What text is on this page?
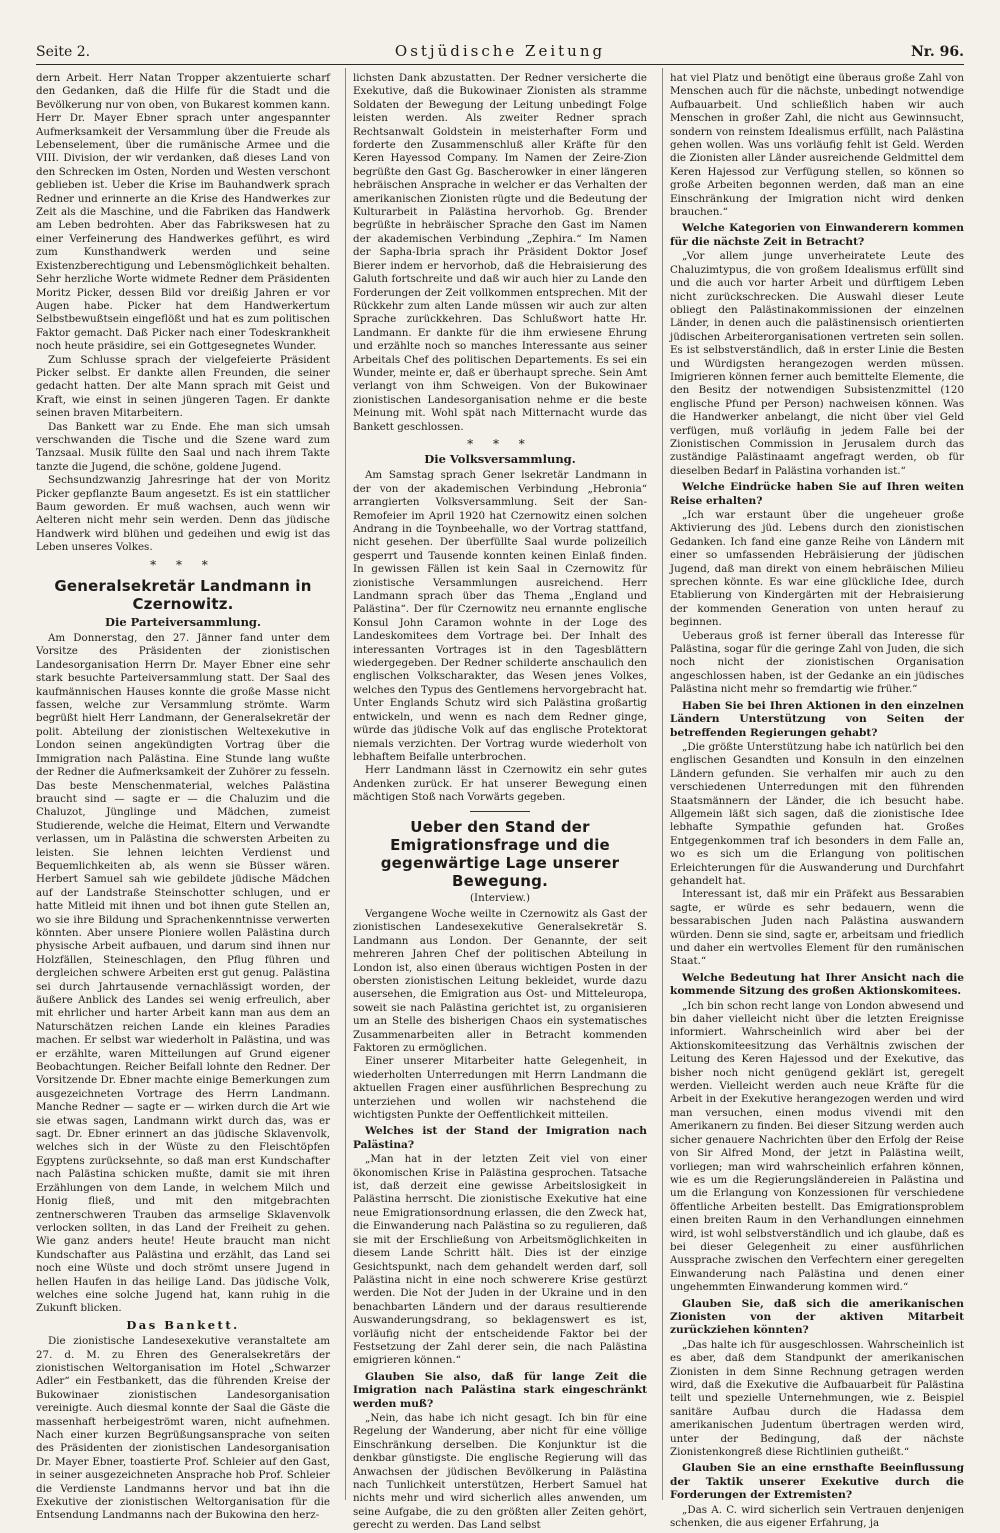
Seite 2.	Ostjüdische Zeitung	Nr. 96.

dern Arbeit. Herr Natan Tropper akzentuierte scharf den Gedanken, daß die Hilfe für die Stadt und die Bevölkerung nur von oben, von Bukarest kommen kann. Herr Dr. Mayer Ebner sprach unter angespannter Aufmerksamkeit der Versammlung über die Freude als Lebenselement, über die rumänische Armee und die VIII. Division, der wir verdanken, daß dieses Land von den Schrecken im Osten, Norden und Westen verschont geblieben ist. Ueber die Krise im Bauhandwerk sprach Redner und erinnerte an die Krise des Handwerkes zur Zeit als die Maschine, und die Fabriken das Handwerk am Leben bedrohten. Aber das Fabrikswesen hat zu einer Verfeinerung des Handwerkes geführt, es wird zum Kunsthandwerk werden und seine Existenzberechtigung und Lebensmöglichkeit behalten. Sehr herzliche Worte widmete Redner dem Präsidenten Moritz Picker, dessen Bild vor dreißig Jahren er vor Augen habe. Picker hat dem Handwerkertum Selbstbewußtsein eingeflößt und hat es zum politischen Faktor gemacht. Daß Picker nach einer Todeskrankheit noch heute präsidire, sei ein Gottgesegnetes Wunder.

Zum Schlusse sprach der vielgefeierte Präsident Picker selbst. Er dankte allen Freunden, die seiner gedacht hatten. Der alte Mann sprach mit Geist und Kraft, wie einst in seinen jüngeren Tagen. Er dankte seinen braven Mitarbeitern.

Das Bankett war zu Ende. Ehe man sich umsah verschwanden die Tische und die Szene ward zum Tanzsaal. Musik füllte den Saal und nach ihrem Takte tanzte die Jugend, die schöne, goldene Jugend.

Sechsundzwanzig Jahresringe hat der von Moritz Picker gepflanzte Baum angesetzt. Es ist ein stattlicher Baum geworden. Er muß wachsen, auch wenn wir Aelteren nicht mehr sein werden. Denn das jüdische Handwerk wird blühen und gedeihen und ewig ist das Leben unseres Volkes.

* * *
Generalsekretär Landmann in Czernowitz.
Die Parteiversammlung.

Am Donnerstag, den 27. Jänner fand unter dem Vorsitze des Präsidenten der zionistischen Landesorganisation Herrn Dr. Mayer Ebner eine sehr stark besuchte Parteiversammlung statt. Der Saal des kaufmännischen Hauses konnte die große Masse nicht fassen, welche zur Versammlung strömte. Warm begrüßt hielt Herr Landmann, der Generalsekretär der polit. Abteilung der zionistischen Weltexekutive in London seinen angekündigten Vortrag über die Immigration nach Palästina. Eine Stunde lang wußte der Redner die Aufmerksamkeit der Zuhörer zu fesseln. Das beste Menschenmaterial, welches Palästina braucht sind — sagte er — die Chaluzim und die Chaluzot, Jünglinge und Mädchen, zumeist Studierende, welche die Heimat, Eltern und Verwandte verlassen, um in Palästina die schwersten Arbeiten zu leisten. Sie lehnen leichten Verdienst und Bequemlichkeiten ab, als wenn sie Büsser wären. Herbert Samuel sah wie gebildete jüdische Mädchen auf der Landstraße Steinschotter schlugen, und er hatte Mitleid mit ihnen und bot ihnen gute Stellen an, wo sie ihre Bildung und Sprachenkenntnisse verwerten könnten. Aber unsere Pioniere wollen Palästina durch physische Arbeit aufbauen, und darum sind ihnen nur Holzfällen, Steineschlagen, den Pflug führen und dergleichen schwere Arbeiten erst gut genug. Palästina sei durch Jahrtausende vernachlässigt worden, der äußere Anblick des Landes sei wenig erfreulich, aber mit ehrlicher und harter Arbeit kann man aus dem an Naturschätzen reichen Lande ein kleines Paradies machen. Er selbst war wiederholt in Palästina, und was er erzählte, waren Mitteilungen auf Grund eigener Beobachtungen. Reicher Beifall lohnte den Redner. Der Vorsitzende Dr. Ebner machte einige Bemerkungen zum ausgezeichneten Vortrage des Herrn Landmann. Manche Redner — sagte er — wirken durch die Art wie sie etwas sagen, Landmann wirkt durch das, was er sagt. Dr. Ebner erinnert an das jüdische Sklavenvolk, welches sich in der Wüste zu den Fleischtöpfen Egyptens zurücksehnte, so daß man erst Kundschafter nach Palästina schicken mußte, damit sie mit ihren Erzählungen von dem Lande, in welchem Milch und Honig fließ, und mit den mitgebrachten zentnerschweren Trauben das armselige Sklavenvolk verlocken sollten, in das Land der Freiheit zu gehen. Wie ganz anders heute! Heute braucht man nicht Kundschafter aus Palästina und erzählt, das Land sei noch eine Wüste und doch strömt unsere Jugend in hellen Haufen in das heilige Land. Das jüdische Volk, welches eine solche Jugend hat, kann ruhig in die Zukunft blicken.

Das Bankett.

Die zionistische Landesexekutive veranstaltete am 27. d. M. zu Ehren des Generalsekretärs der zionistischen Weltorganisation im Hotel „Schwarzer Adler“ ein Festbankett, das die führenden Kreise der Bukowinaer zionistischen Landesorganisation vereinigte. Auch diesmal konnte der Saal die Gäste die massenhaft herbeigeströmt waren, nicht aufnehmen. Nach einer kurzen Begrüßungsansprache von seiten des Präsidenten der zionistischen Landesorganisation Dr. Mayer Ebner, toastierte Prof. Schleier auf den Gast, in seiner ausgezeichneten Ansprache hob Prof. Schleier die Verdienste Landmanns hervor und bat ihn die Exekutive der zionistischen Weltorganisation für die Entsendung Landmanns nach der Bukowina den herz-

lichsten Dank abzustatten. Der Redner versicherte die Exekutive, daß die Bukowinaer Zionisten als stramme Soldaten der Bewegung der Leitung unbedingt Folge leisten werden. Als zweiter Redner sprach Rechtsanwalt Goldstein in meisterhafter Form und forderte den Zusammenschluß aller Kräfte für den Keren Hayessod Company. Im Namen der Zeire-Zion begrüßte den Gast Gg. Bascherowker in einer längeren hebräischen Ansprache in welcher er das Verhalten der amerikanischen Zionisten rügte und die Bedeutung der Kulturarbeit in Palästina hervorhob. Gg. Brender begrüßte in hebräischer Sprache den Gast im Namen der akademischen Verbindung „Zephira.“ Im Namen der Sapha-Ibria sprach ihr Präsident Doktor Josef Bierer indem er hervorhob, daß die Hebraisierung des Galuth fortschreite und daß wir auch hier zu Lande den Forderungen der Zeit vollkommen entsprechen. Mit der Rückkehr zum alten Lande müssen wir auch zur alten Sprache zurückkehren. Das Schlußwort hatte Hr. Landmann. Er dankte für die ihm erwiesene Ehrung und erzählte noch so manches Interessante aus seiner Arbeitals Chef des politischen Departements. Es sei ein Wunder, meinte er, daß er überhaupt spreche. Sein Amt verlangt von ihm Schweigen. Von der Bukowinaer zionistischen Landesorganisation nehme er die beste Meinung mit. Wohl spät nach Mitternacht wurde das Bankett geschlossen.

* * *
Die Volksversammlung.

Am Samstag sprach Gener lsekretär Landmann in der von der akademischen Verbindung „Hebronia“ arrangierten Volksversammlung. Seit der San-Remofeier im April 1920 hat Czernowitz einen solchen Andrang in die Toynbeehalle, wo der Vortrag stattfand, nicht gesehen. Der überfüllte Saal wurde polizeilich gesperrt und Tausende konnten keinen Einlaß finden. In gewissen Fällen ist kein Saal in Czernowitz für zionistische Versammlungen ausreichend. Herr Landmann sprach über das Thema „England und Palästina“. Der für Czernowitz neu ernannte englische Konsul John Caramon wohnte in der Loge des Landeskomitees dem Vortrage bei. Der Inhalt des interessanten Vortrages ist in den Tagesblättern wiedergegeben. Der Redner schilderte anschaulich den englischen Volkscharakter, das Wesen jenes Volkes, welches den Typus des Gentlemens hervorgebracht hat. Unter Englands Schutz wird sich Palästina großartig entwickeln, und wenn es nach dem Redner ginge, würde das jüdische Volk auf das englische Protektorat niemals verzichten. Der Vortrag wurde wiederholt von lebhaftem Beifalle unterbrochen.

Herr Landmann lässt in Czernowitz ein sehr gutes Andenken zurück. Er hat unserer Bewegung einen mächtigen Stoß nach Vorwärts gegeben.

Ueber den Stand der Emigrationsfrage und die gegenwärtige Lage unserer Bewegung.
(Interview.)

Vergangene Woche weilte in Czernowitz als Gast der zionistischen Landesexekutive Generalsekretär S. Landmann aus London. Der Genannte, der seit mehreren Jahren Chef der politischen Abteilung in London ist, also einen überaus wichtigen Posten in der obersten zionistischen Leitung bekleidet, wurde dazu ausersehen, die Emigration aus Ost- und Mitteleuropa, soweit sie nach Palästina gerichtet ist, zu organisieren um an Stelle des bisherigen Chaos ein systematisches Zusammenarbeiten aller in Betracht kommenden Faktoren zu ermöglichen.

Einer unserer Mitarbeiter hatte Gelegenheit, in wiederholten Unterredungen mit Herrn Landmann die aktuellen Fragen einer ausführlichen Besprechung zu unterziehen und wollen wir nachstehend die wichtigsten Punkte der Oeffentlichkeit mitteilen.

Welches ist der Stand der Imigration nach Palästina?

„Man hat in der letzten Zeit viel von einer ökonomischen Krise in Palästina gesprochen. Tatsache ist, daß derzeit eine gewisse Arbeitslosigkeit in Palästina herrscht. Die zionistische Exekutive hat eine neue Emigrationsordnung erlassen, die den Zweck hat, die Einwanderung nach Palästina so zu regulieren, daß sie mit der Erschließung von Arbeitsmöglichkeiten in diesem Lande Schritt hält. Dies ist der einzige Gesichtspunkt, nach dem gehandelt werden darf, soll Palästina nicht in eine noch schwerere Krise gestürzt werden. Die Not der Juden in der Ukraine und in den benachbarten Ländern und der daraus resultierende Auswanderungsdrang, so beklagenswert es ist, vorläufig nicht der entscheidende Faktor bei der Festsetzung der Zahl derer sein, die nach Palästina emigrieren können.“

Glauben Sie also, daß für lange Zeit die Imigration nach Palästina stark eingeschränkt werden muß?

„Nein, das habe ich nicht gesagt. Ich bin für eine Regelung der Wanderung, aber nicht für eine völlige Einschränkung derselben. Die Konjunktur ist die denkbar günstigste. Die englische Regierung will das Anwachsen der jüdischen Bevölkerung in Palästina nach Tunlichkeit unterstützen, Herbert Samuel hat nichts mehr und wird sicherlich alles anwenden, um seine Aufgabe, die zu den größten aller Zeiten gehört, gerecht zu werden. Das Land selbst

hat viel Platz und benötigt eine überaus große Zahl von Menschen auch für die nächste, unbedingt notwendige Aufbauarbeit. Und schließlich haben wir auch Menschen in großer Zahl, die nicht aus Gewinnsucht, sondern von reinstem Idealismus erfüllt, nach Palästina gehen wollen. Was uns vorläufig fehlt ist Geld. Werden die Zionisten aller Länder ausreichende Geldmittel dem Keren Hajessod zur Verfügung stellen, so können so große Arbeiten begonnen werden, daß man an eine Einschränkung der Imigration nicht wird denken brauchen.“

Welche Kategorien von Einwanderern kommen für die nächste Zeit in Betracht?

„Vor allem junge unverheiratete Leute des Chaluzimtypus, die von großem Idealismus erfüllt sind und die auch vor harter Arbeit und dürftigem Leben nicht zurückschrecken. Die Auswahl dieser Leute obliegt den Palästinakommissionen der einzelnen Länder, in denen auch die palästinensisch orientierten jüdischen Arbeiterorganisationen vertreten sein sollen. Es ist selbstverständlich, daß in erster Linie die Besten und Würdigsten herangezogen werden müssen. Imigrieren können ferner auch bemittelte Elemente, die den Besitz der notwendigen Subsistenzmittel (120 englische Pfund per Person) nachweisen können. Was die Handwerker anbelangt, die nicht über viel Geld verfügen, muß vorläufig in jedem Falle bei der Zionistischen Commission in Jerusalem durch das zuständige Palästinaamt angefragt werden, ob für dieselben Bedarf in Palästina vorhanden ist.“

Welche Eindrücke haben Sie auf Ihren weiten Reise erhalten?

„Ich war erstaunt über die ungeheuer große Aktivierung des jüd. Lebens durch den zionistischen Gedanken. Ich fand eine ganze Reihe von Ländern mit einer so umfassenden Hebräisierung der jüdischen Jugend, daß man direkt von einem hebräischen Milieu sprechen könnte. Es war eine glückliche Idee, durch Etablierung von Kindergärten mit der Hebraisierung der kommenden Generation von unten herauf zu beginnen.

Ueberaus groß ist ferner überall das Interesse für Palästina, sogar für die geringe Zahl von Juden, die sich noch nicht der zionistischen Organisation angeschlossen haben, ist der Gedanke an ein jüdisches Palästina nicht mehr so fremdartig wie früher.“

Haben Sie bei Ihren Aktionen in den einzelnen Ländern Unterstützung von Seiten der betreffenden Regierungen gehabt?

„Die größte Unterstützung habe ich natürlich bei den englischen Gesandten und Konsuln in den einzelnen Ländern gefunden. Sie verhalfen mir auch zu den verschiedenen Unterredungen mit den führenden Staatsmännern der Länder, die ich besucht habe. Allgemein läßt sich sagen, daß die zionistische Idee lebhafte Sympathie gefunden hat. Großes Entgegenkommen traf ich besonders in dem Falle an, wo es sich um die Erlangung von politischen Erleichterungen für die Auswanderung und Durchfahrt gehandelt hat.

Interessant ist, daß mir ein Präfekt aus Bessarabien sagte, er würde es sehr bedauern, wenn die bessarabischen Juden nach Palästina auswandern würden. Denn sie sind, sagte er, arbeitsam und friedlich und daher ein wertvolles Element für den rumänischen Staat.“

Welche Bedeutung hat Ihrer Ansicht nach die kommende Sitzung des großen Aktionskomitees.

„Ich bin schon recht lange von London abwesend und bin daher vielleicht nicht über die letzten Ereignisse informiert. Wahrscheinlich wird aber bei der Aktionskomiteesitzung das Verhältnis zwischen der Leitung des Keren Hajessod und der Exekutive, das bisher noch nicht genügend geklärt ist, geregelt werden. Vielleicht werden auch neue Kräfte für die Arbeit in der Exekutive herangezogen werden und wird man versuchen, einen modus vivendi mit den Amerikanern zu finden. Bei dieser Sitzung werden auch sicher genauere Nachrichten über den Erfolg der Reise von Sir Alfred Mond, der jetzt in Palästina weilt, vorliegen; man wird wahrscheinlich erfahren können, wie es um die Regierungsländereien in Palästina und um die Erlangung von Konzessionen für verschiedene öffentliche Arbeiten bestellt. Das Emigrationsproblem einen breiten Raum in den Verhandlungen einnehmen wird, ist wohl selbstverständlich und ich glaube, daß es bei dieser Gelegenheit zu einer ausführlichen Aussprache zwischen den Verfechtern einer geregelten Einwanderung nach Palästina und denen einer ungehemmten Einwanderung kommen wird.“

Glauben Sie, daß sich die amerikanischen Zionisten von der aktiven Mitarbeit zurückziehen könnten?

„Das halte ich für ausgeschlossen. Wahrscheinlich ist es aber, daß dem Standpunkt der amerikanischen Zionisten in dem Sinne Rechnung getragen werden wird, daß die Exekutive die Aufbauarbeit für Palästina teilt und spezielle Unternehmungen, wie z. Beispiel sanitäre Aufbau durch die Hadassa dem amerikanischen Judentum übertragen werden wird, unter der Bedingung, daß der nächste Zionistenkongreß diese Richtlinien gutheißt.“

Glauben Sie an eine ernsthafte Beeinflussung der Taktik unserer Exekutive durch die Forderungen der Extremisten?

„Das A. C. wird sicherlich sein Vertrauen denjenigen schenken, die aus eigener Erfahrung, ja
